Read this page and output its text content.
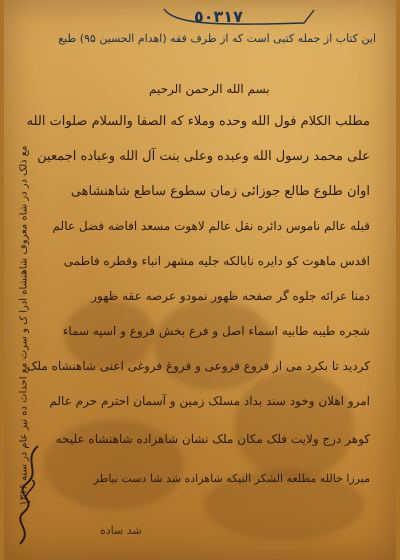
٥٠٣١٧
این کتاب از جمله کتبی است که از طرف فقه (اهدام الحسین ۹۵) طبع
بسم الله الرحمن الرحیم
مطلب الکلام فول الله وحده وملاء که الصفا والسلام صلوات الله
علی محمد رسول الله وعبده وعلی بنت آل الله وعباده اجمعین
اوان طلوع طالع جوزائی زمان سطوع ساطع شاهنشاهی
قبله عالم ناموس دائره نقل عالم لاهوت مسعد افاضه فضل عالم
اقدس ماهوت کو دایره نابالکه جلیه مشهر انباء وقطره فاطمی
دمنا عرائه جلوه گر صفحه ظهور نمودو عرصه عقه ظهور
شجره طیبه طابیه اسماء اصل و فرع بخش فروع و اسپه سماء
کردید تا بکرد می از فروع فروعی و فروغ فروغی اعنی شاهنشاه ملک
امرو اهلان وخود سند بداد مسلک زمین و آسمان احترم حرم عالم
کوهر درج ولایت فلک مکان ملک نشان شاهزاده شاهنشاه علیحه
میرزا خالله مطلعه الشکر النیکه شاهزاده شد شا دست بیاطر
مع ذلک در در شاه معروف شاهنشاه ادرا ک و سرت مع احداث ده نیز عام در سنه ۱۳۱۶
شد ساده
